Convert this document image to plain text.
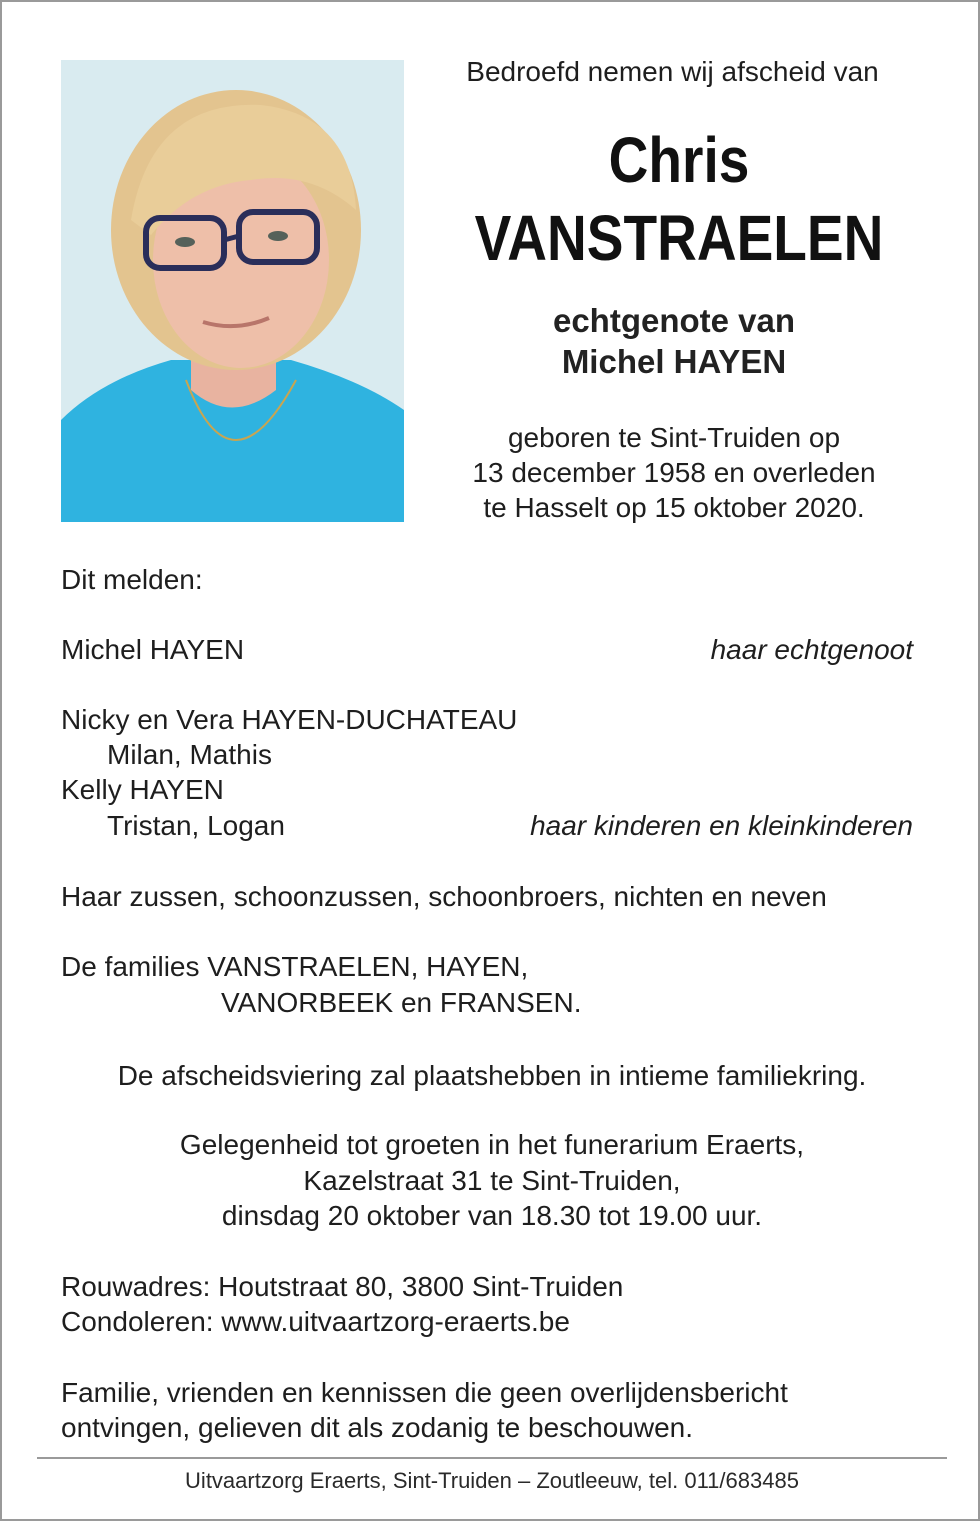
Bedroefd nemen wij afscheid van
Chris
VANSTRAELEN
echtgenote van
Michel HAYEN
geboren te Sint-Truiden op
13 december 1958 en overleden
te Hasselt op 15 oktober 2020.
Dit melden:
Michel HAYEN	haar echtgenoot
Nicky en Vera HAYEN-DUCHATEAU
Milan, Mathis
Kelly HAYEN
Tristan, Logan	haar kinderen en kleinkinderen
Haar zussen, schoonzussen, schoonbroers, nichten en neven
De families VANSTRAELEN, HAYEN,
VANORBEEK en FRANSEN.
De afscheidsviering zal plaatshebben in intieme familiekring.
Gelegenheid tot groeten in het funerarium Eraerts,
Kazelstraat 31 te Sint-Truiden,
dinsdag 20 oktober van 18.30 tot 19.00 uur.
Rouwadres: Houtstraat 80, 3800 Sint-Truiden
Condoleren: www.uitvaartzorg-eraerts.be
Familie, vrienden en kennissen die geen overlijdensbericht
ontvingen, gelieven dit als zodanig te beschouwen.
Uitvaartzorg Eraerts, Sint-Truiden – Zoutleeuw, tel. 011/683485
